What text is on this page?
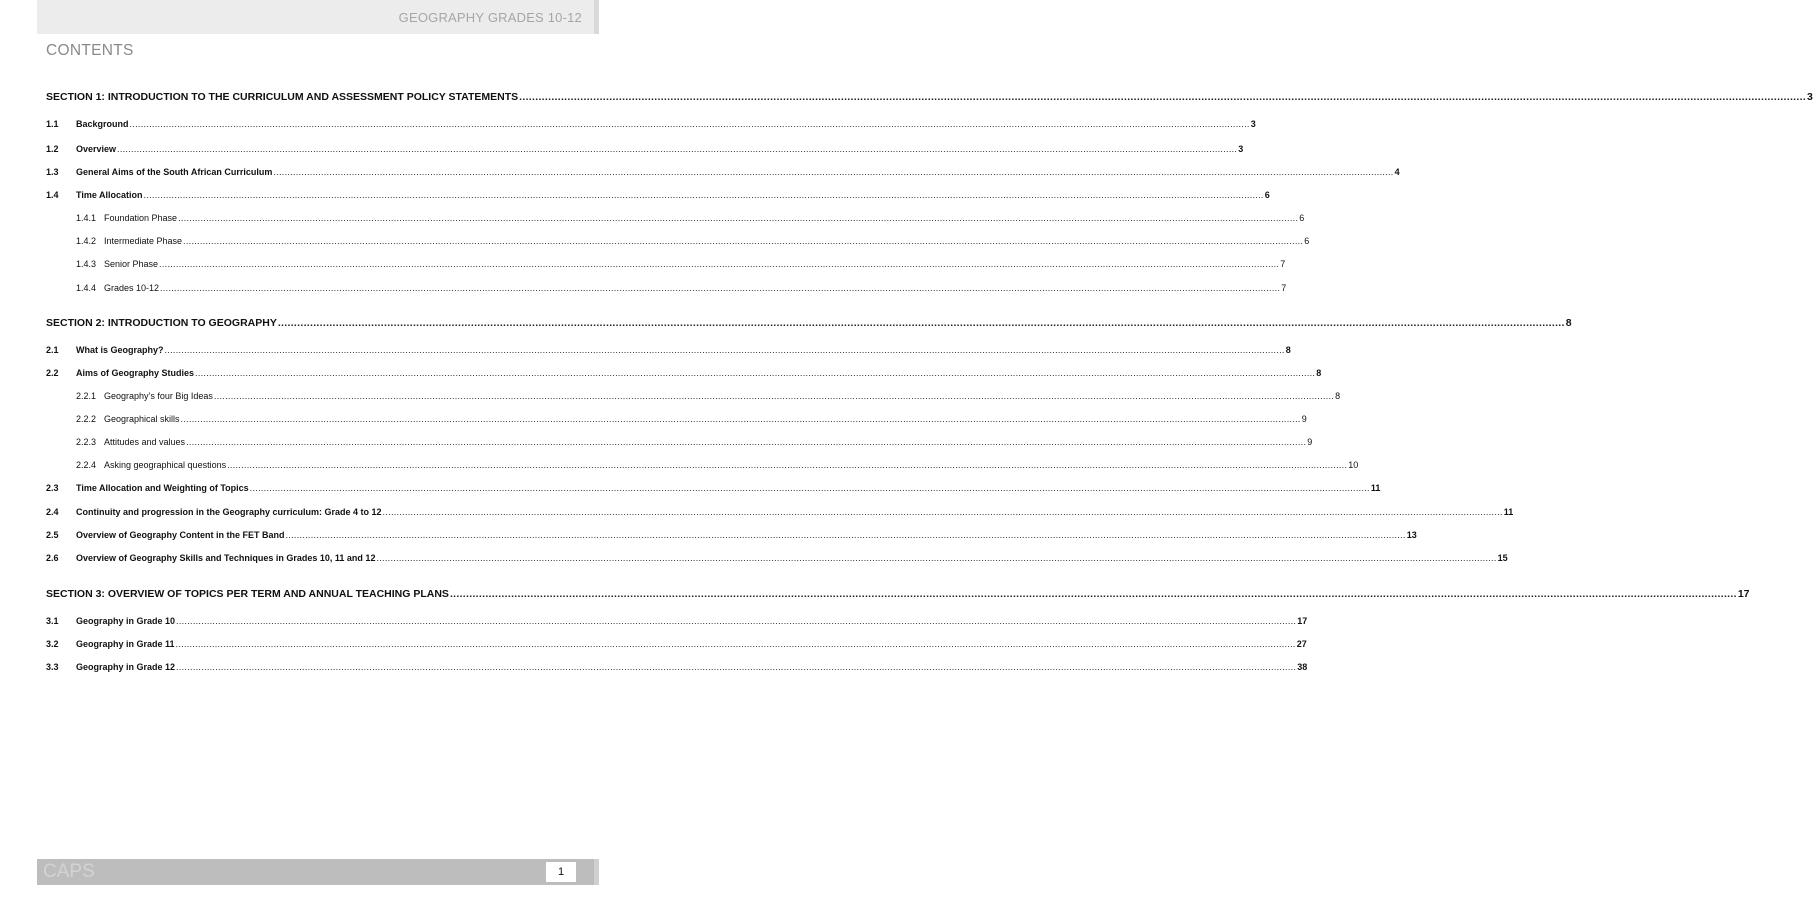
GEOGRAPHY GRADES 10-12
CONTENTS
SECTION 1: INTRODUCTION TO THE CURRICULUM AND ASSESSMENT POLICY STATEMENTS ................................................................................................................................................................................................................................................................................................................................................................................................................ 3
1.1	Background ................................................................................................................................................................................................................................................................................................................................................................................................................ 3
1.2	Overview ................................................................................................................................................................................................................................................................................................................................................................................................................ 3
1.3	General Aims of the South African Curriculum ................................................................................................................................................................................................................................................................................................................................................................................................................ 4
1.4	Time Allocation ................................................................................................................................................................................................................................................................................................................................................................................................................ 6
1.4.1 Foundation Phase ................................................................................................................................................................................................................................................................................................................................................................................................................ 6
1.4.2 Intermediate Phase ................................................................................................................................................................................................................................................................................................................................................................................................................ 6
1.4.3 Senior Phase ................................................................................................................................................................................................................................................................................................................................................................................................................ 7
1.4.4 Grades 10-12 ................................................................................................................................................................................................................................................................................................................................................................................................................ 7
SECTION 2: INTRODUCTION TO GEOGRAPHY ................................................................................................................................................................................................................................................................................................................................................................................................................ 8
2.1	What is Geography? ................................................................................................................................................................................................................................................................................................................................................................................................................ 8
2.2	Aims of Geography Studies ................................................................................................................................................................................................................................................................................................................................................................................................................ 8
2.2.1 Geography’s four Big Ideas ................................................................................................................................................................................................................................................................................................................................................................................................................ 8
2.2.2 Geographical skills ................................................................................................................................................................................................................................................................................................................................................................................................................ 9
2.2.3 Attitudes and values ................................................................................................................................................................................................................................................................................................................................................................................................................ 9
2.2.4 Asking geographical questions ................................................................................................................................................................................................................................................................................................................................................................................................................ 10
2.3	Time Allocation and Weighting of Topics ................................................................................................................................................................................................................................................................................................................................................................................................................ 11
2.4	Continuity and progression in the Geography curriculum: Grade 4 to 12 ................................................................................................................................................................................................................................................................................................................................................................................................................ 11
2.5	Overview of Geography Content in the FET Band ................................................................................................................................................................................................................................................................................................................................................................................................................ 13
2.6	Overview of Geography Skills and Techniques in Grades 10, 11 and 12 ................................................................................................................................................................................................................................................................................................................................................................................................................ 15
SECTION 3: OVERVIEW OF TOPICS PER TERM AND ANNUAL TEACHING PLANS ................................................................................................................................................................................................................................................................................................................................................................................................................ 17
3.1	Geography in Grade 10 ................................................................................................................................................................................................................................................................................................................................................................................................................ 17
3.2	Geography in Grade 11 ................................................................................................................................................................................................................................................................................................................................................................................................................ 27
3.3	Geography in Grade 12 ................................................................................................................................................................................................................................................................................................................................................................................................................ 38
CAPS	1
